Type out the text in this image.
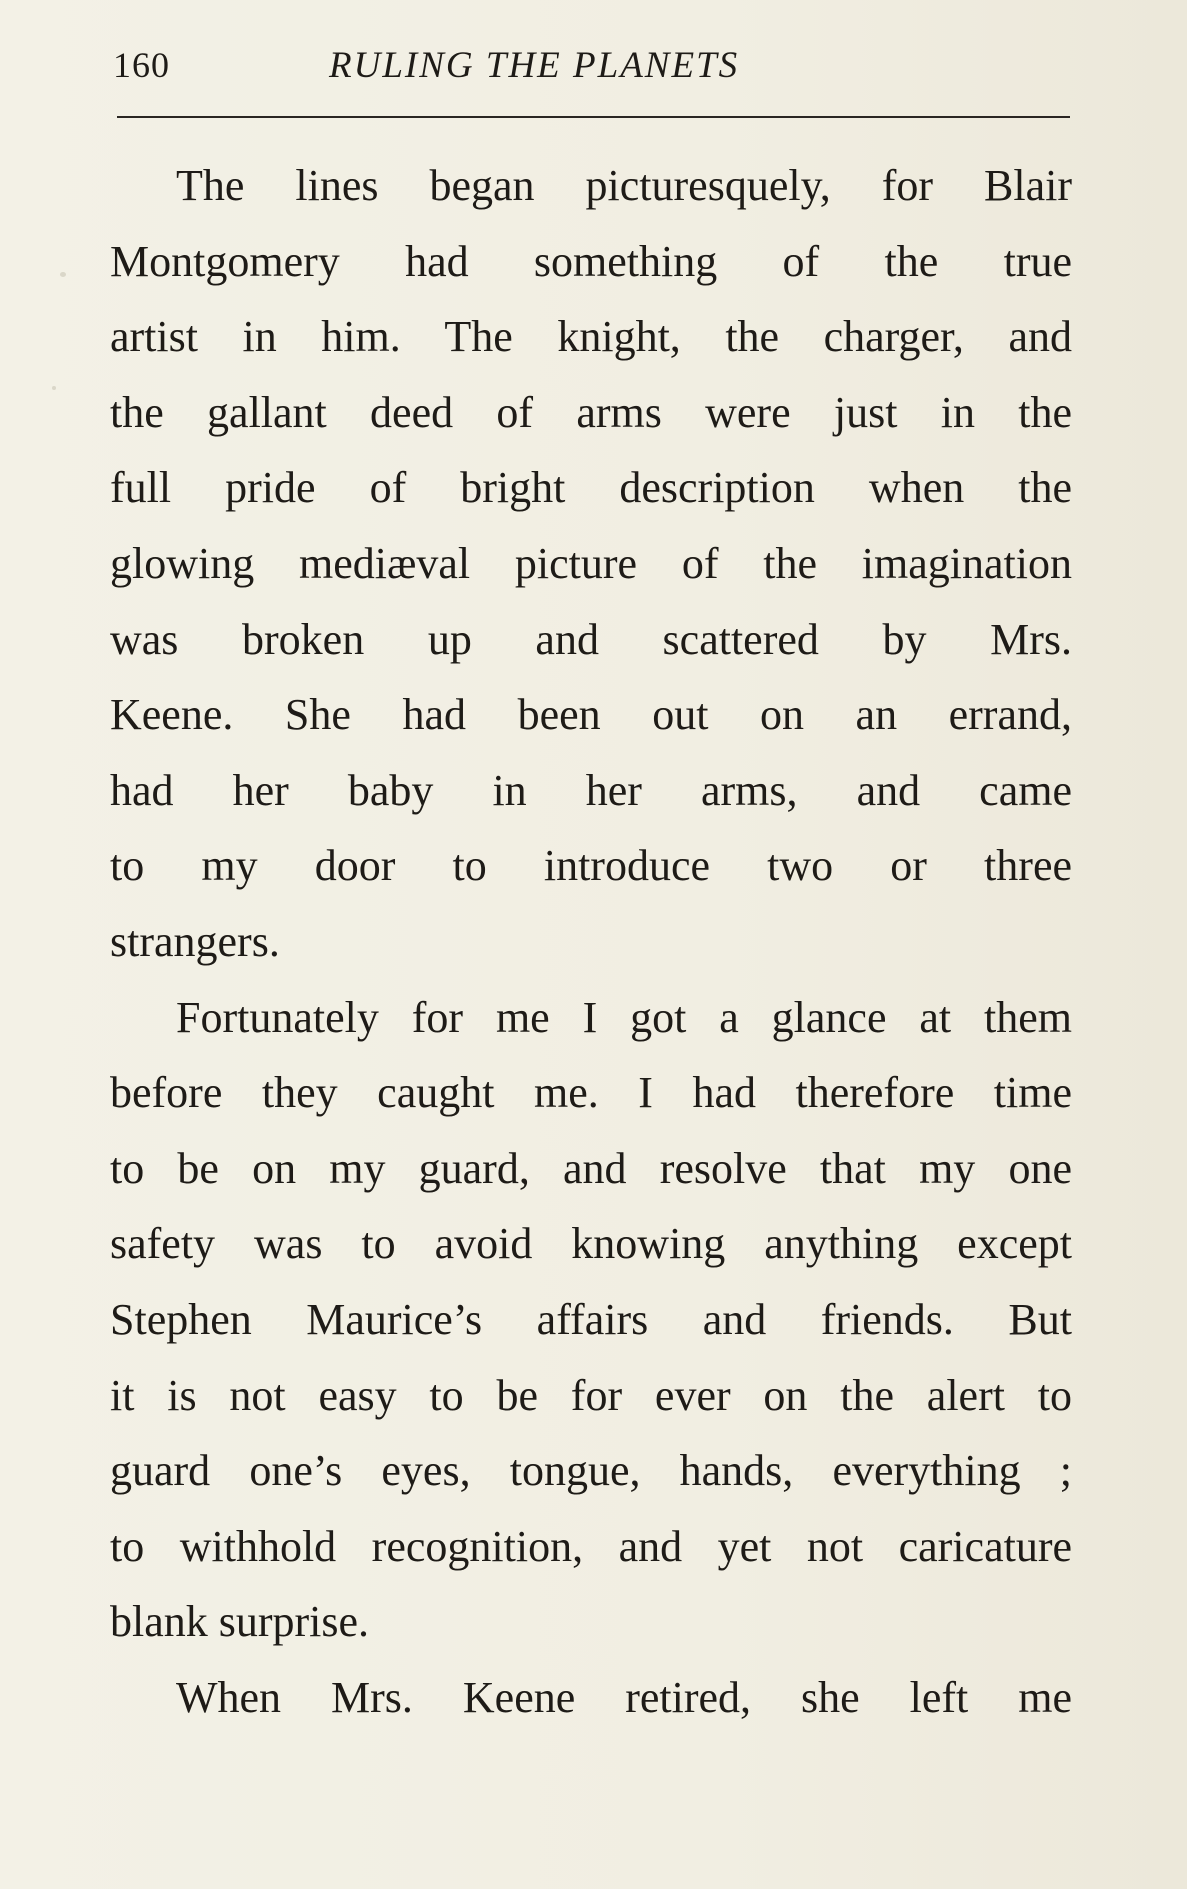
160	RULING THE PLANETS
The lines began picturesquely, for Blair
Montgomery had something of the true
artist in him. The knight, the charger, and
the gallant deed of arms were just in the
full pride of bright description when the
glowing mediæval picture of the imagination
was broken up and scattered by Mrs.
Keene. She had been out on an errand,
had her baby in her arms, and came
to my door to introduce two or three
strangers.
Fortunately for me I got a glance at them
before they caught me. I had therefore time
to be on my guard, and resolve that my one
safety was to avoid knowing anything except
Stephen Maurice’s affairs and friends. But
it is not easy to be for ever on the alert to
guard one’s eyes, tongue, hands, everything ;
to withhold recognition, and yet not caricature
blank surprise.
When Mrs. Keene retired, she left me
